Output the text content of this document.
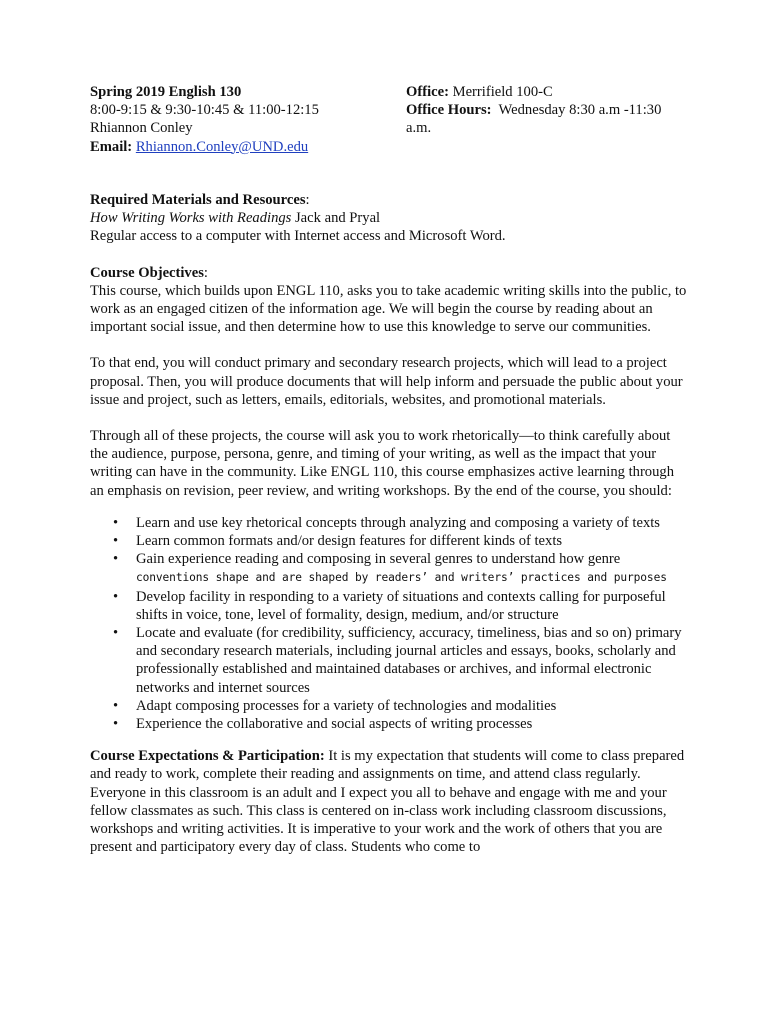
Spring 2019 English 130
8:00-9:15 & 9:30-10:45 & 11:00-12:15
Rhiannon Conley
Email: Rhiannon.Conley@UND.edu
Office: Merrifield 100-C
Office Hours:  Wednesday 8:30 a.m -11:30
a.m.
Required Materials and Resources:
How Writing Works with Readings Jack and Pryal
Regular access to a computer with Internet access and Microsoft Word.
Course Objectives:

This course, which builds upon ENGL 110, asks you to take academic writing skills into the public, to work as an engaged citizen of the information age. We will begin the course by reading about an important social issue, and then determine how to use this knowledge to serve our communities.

To that end, you will conduct primary and secondary research projects, which will lead to a project proposal. Then, you will produce documents that will help inform and persuade the public about your issue and project, such as letters, emails, editorials, websites, and promotional materials.

Through all of these projects, the course will ask you to work rhetorically—to think carefully about the audience, purpose, persona, genre, and timing of your writing, as well as the impact that your writing can have in the community. Like ENGL 110, this course emphasizes active learning through an emphasis on revision, peer review, and writing workshops. By the end of the course, you should:

• Learn and use key rhetorical concepts through analyzing and composing a variety of texts
• Learn common formats and/or design features for different kinds of texts
• Gain experience reading and composing in several genres to understand how genre
conventions shape and are shaped by readers’ and writers’ practices and purposes
• Develop facility in responding to a variety of situations and contexts calling for purposeful shifts in voice, tone, level of formality, design, medium, and/or structure
• Locate and evaluate (for credibility, sufficiency, accuracy, timeliness, bias and so on) primary and secondary research materials, including journal articles and essays, books, scholarly and professionally established and maintained databases or archives, and informal electronic networks and internet sources
• Adapt composing processes for a variety of technologies and modalities
• Experience the collaborative and social aspects of writing processes

Course Expectations & Participation: It is my expectation that students will come to class prepared and ready to work, complete their reading and assignments on time, and attend class regularly. Everyone in this classroom is an adult and I expect you all to behave and engage with me and your fellow classmates as such. This class is centered on in-class work including classroom discussions, workshops and writing activities. It is imperative to your work and the work of others that you are present and participatory every day of class. Students who come to
